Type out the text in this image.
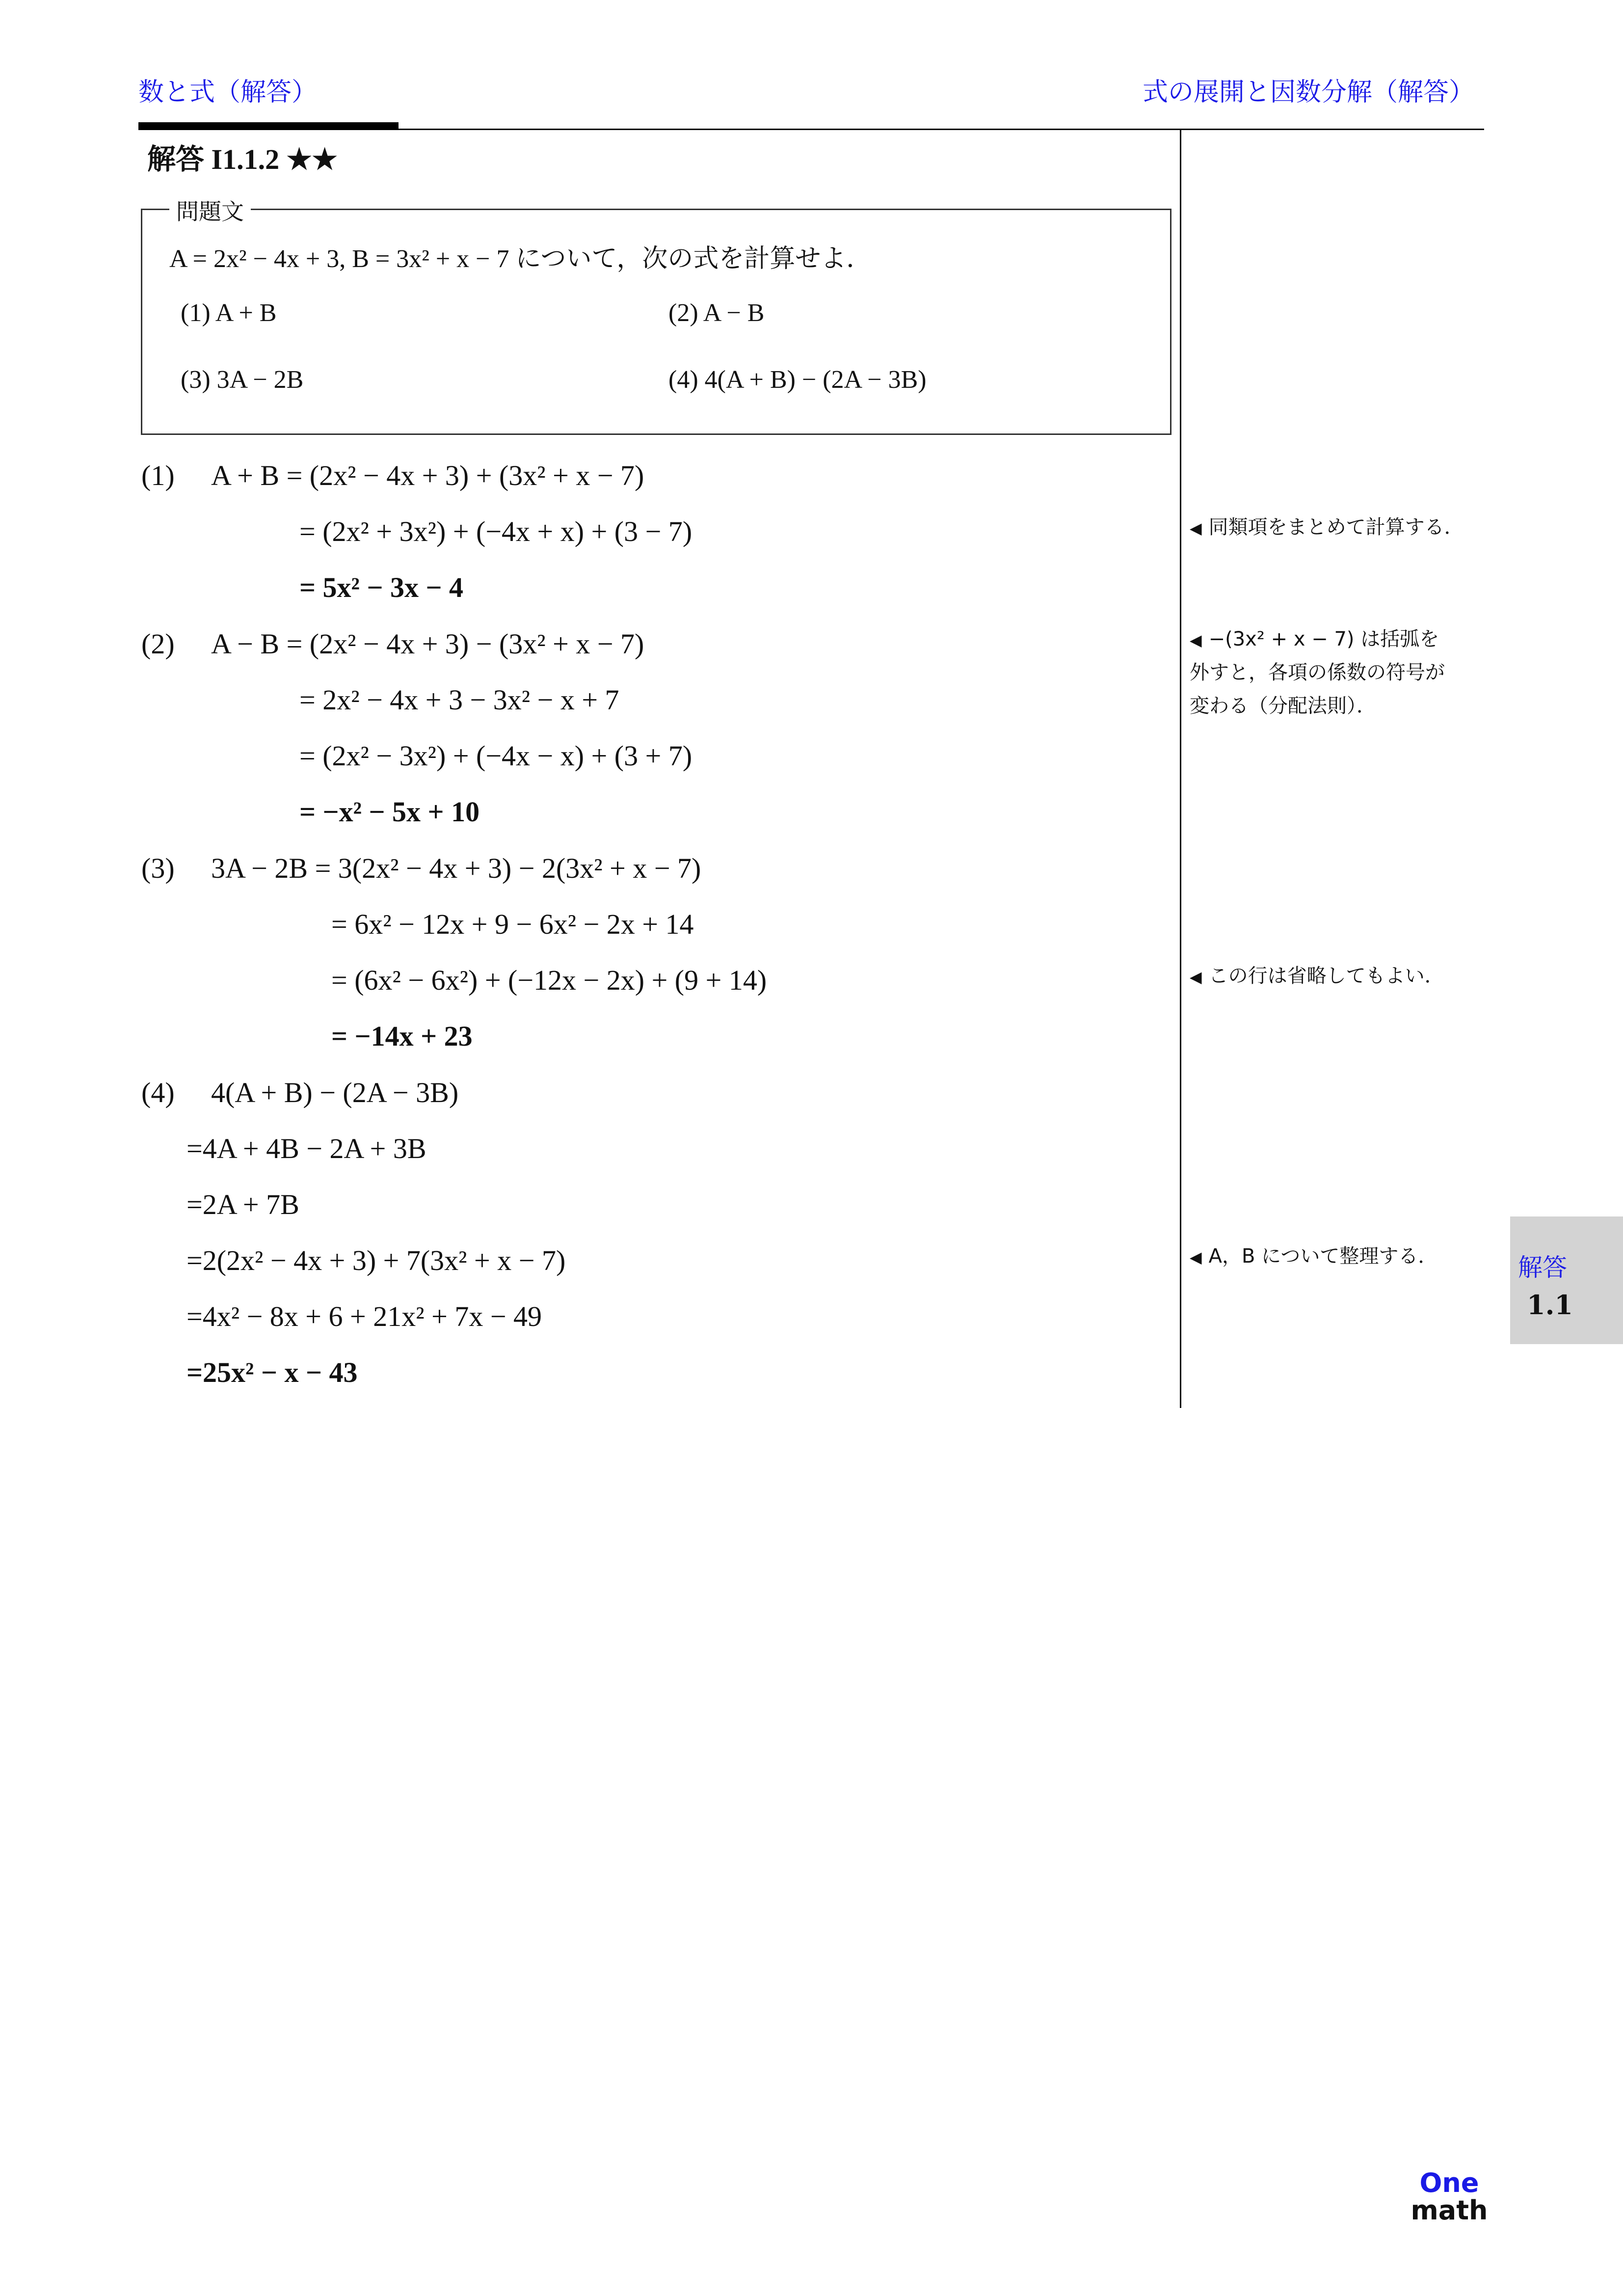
数と式（解答）	式の展開と因数分解（解答）
解答 I1.1.2 ★★
問題文
A = 2x² − 4x + 3, B = 3x² + x − 7 について，次の式を計算せよ．
(1) A + B	(2) A − B
(3) 3A − 2B	(4) 4(A + B) − (2A − 3B)
(1) A + B = (2x² − 4x + 3) + (3x² + x − 7)
= (2x² + 3x²) + (−4x + x) + (3 − 7)
= 5x² − 3x − 4
(2) A − B = (2x² − 4x + 3) − (3x² + x − 7)
= 2x² − 4x + 3 − 3x² − x + 7
= (2x² − 3x²) + (−4x − x) + (3 + 7)
= −x² − 5x + 10
(3) 3A − 2B = 3(2x² − 4x + 3) − 2(3x² + x − 7)
= 6x² − 12x + 9 − 6x² − 2x + 14
= (6x² − 6x²) + (−12x − 2x) + (9 + 14)
= −14x + 23
(4) 4(A + B) − (2A − 3B)
=4A + 4B − 2A + 3B
=2A + 7B
=2(2x² − 4x + 3) + 7(3x² + x − 7)
=4x² − 8x + 6 + 21x² + 7x − 49
=25x² − x − 43
◀ 同類項をまとめて計算する．
◀ −(3x² + x − 7) は括弧を
外すと，各項の係数の符号が
変わる（分配法則）．
◀ この行は省略してもよい．
◀ A，B について整理する．	解答
1.1
One
math
